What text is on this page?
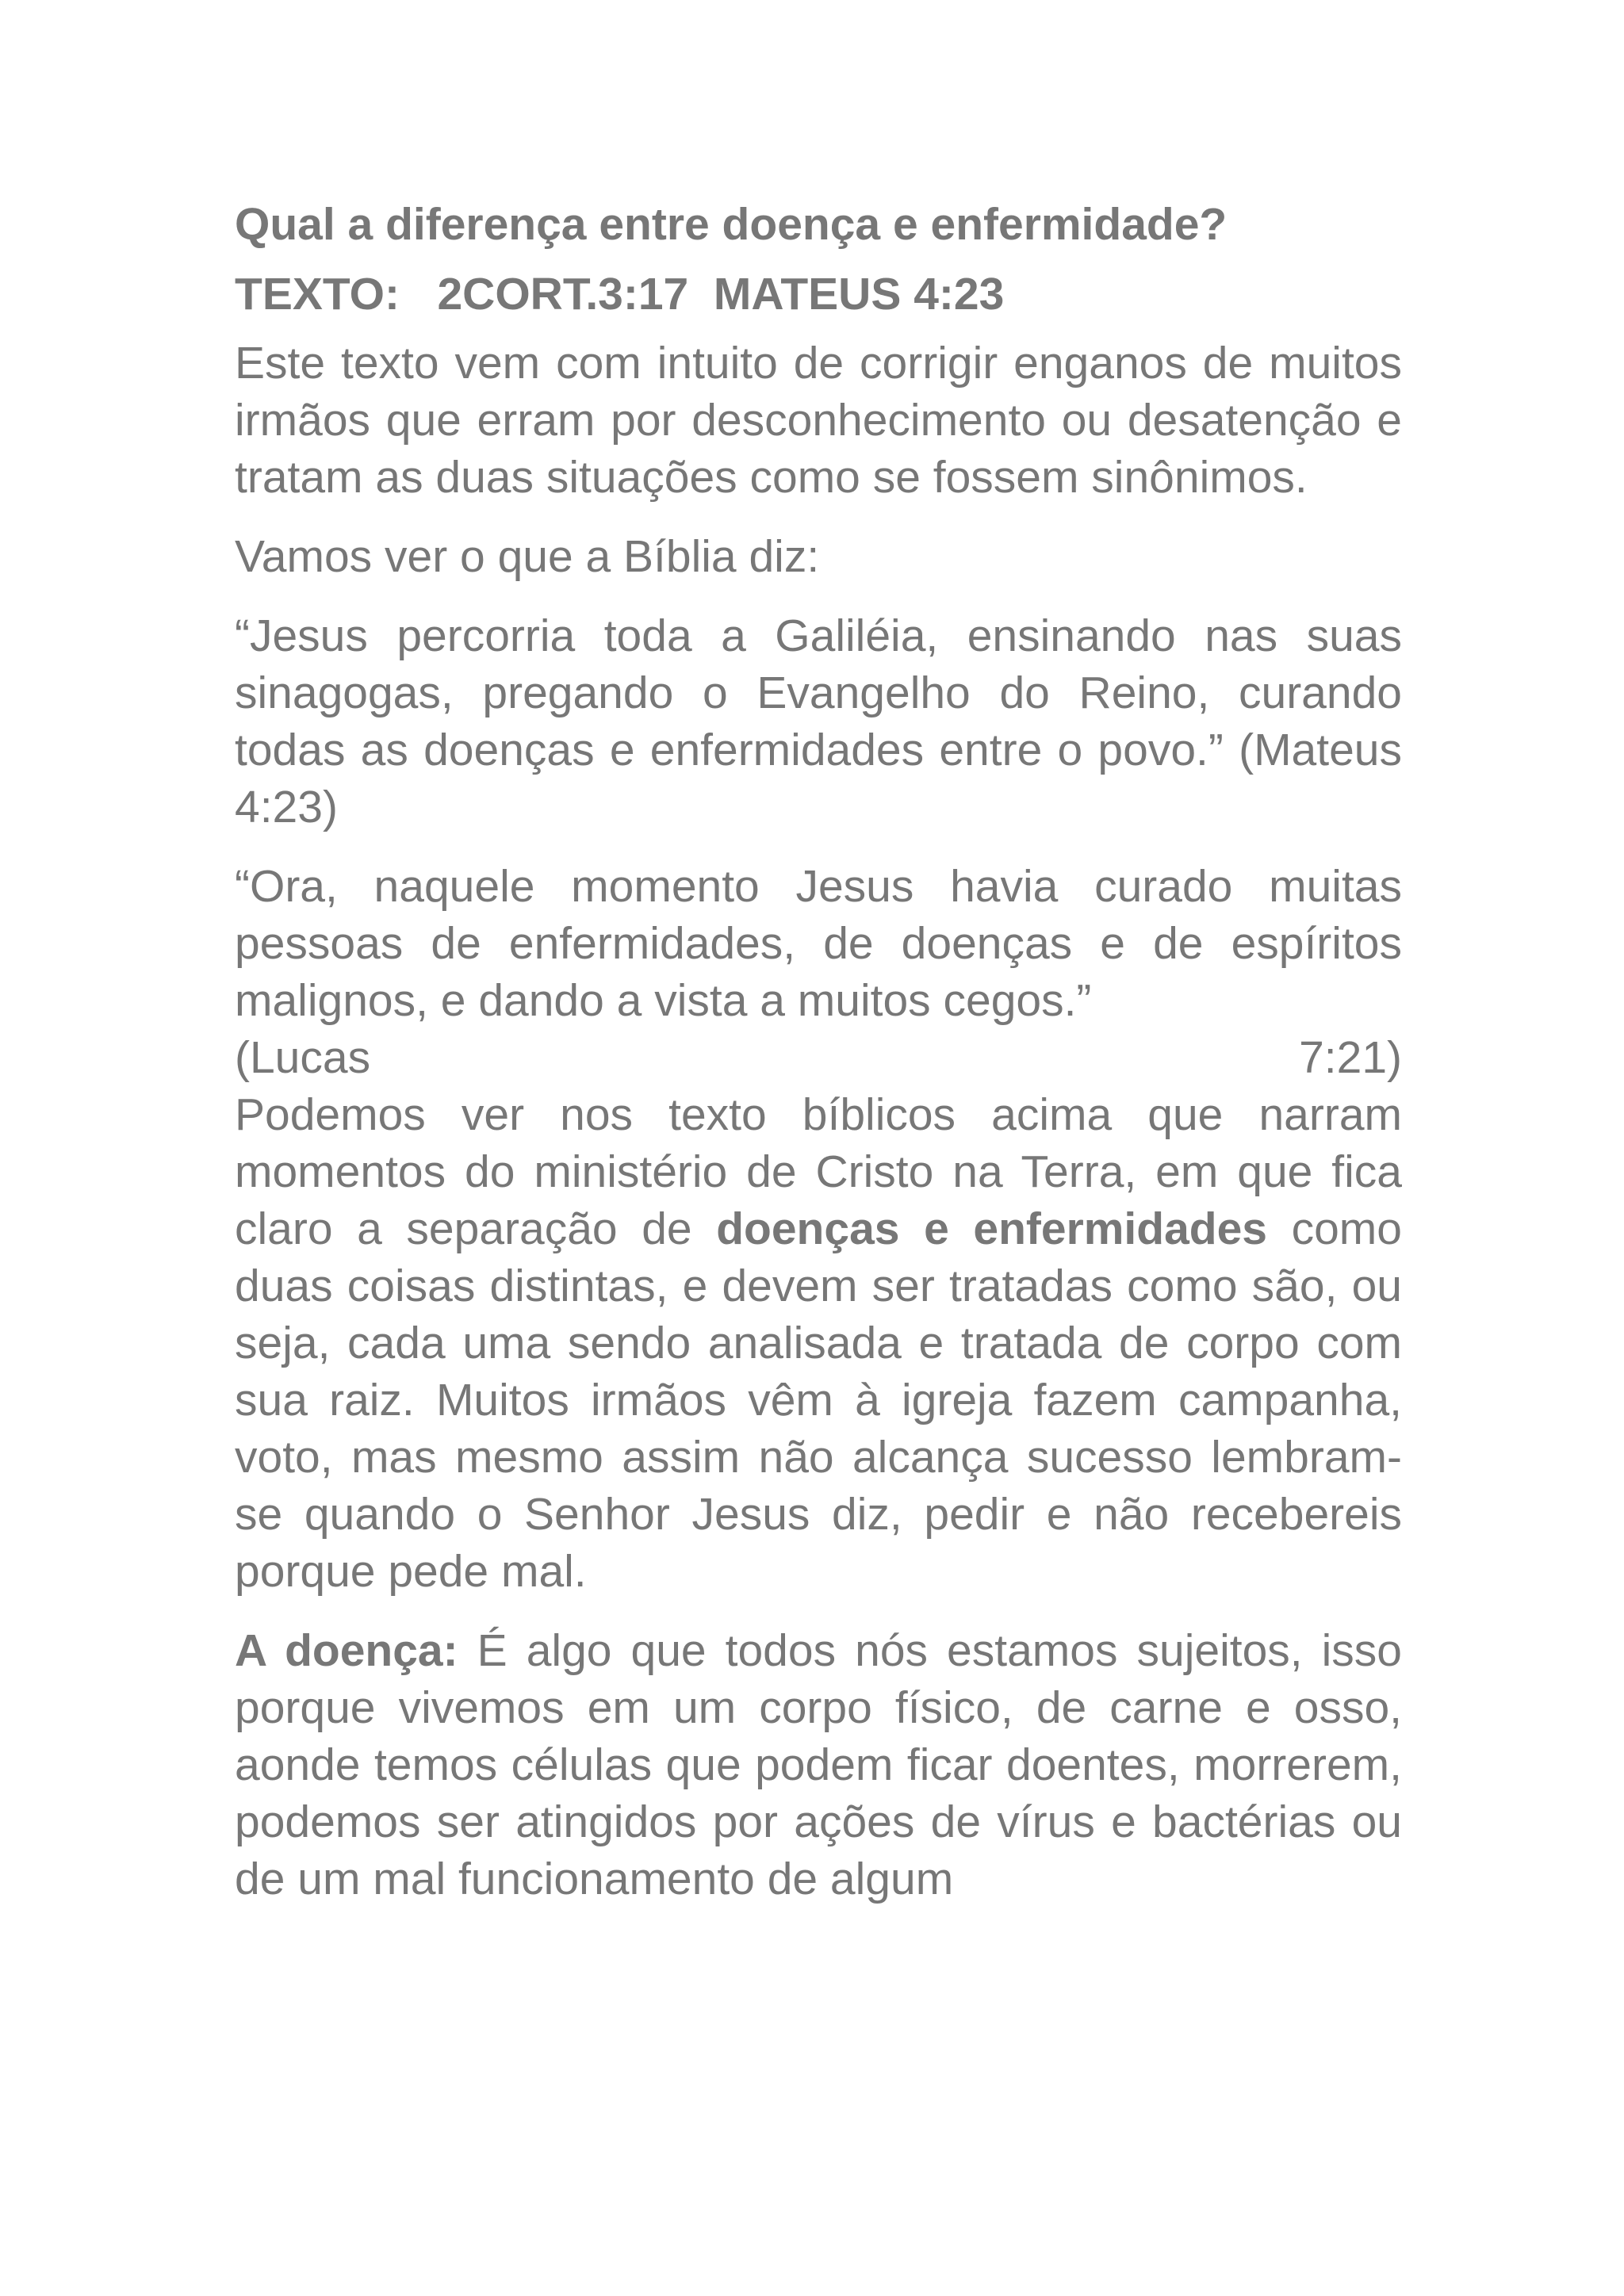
Qual a diferença entre doença e enfermidade?

TEXTO:   2CORT.3:17  MATEUS 4:23

Este texto vem com intuito de corrigir enganos de muitos irmãos que erram por desconhecimento ou desatenção e tratam as duas situações como se fossem sinônimos.

Vamos ver o que a Bíblia diz:

“Jesus percorria toda a Galiléia, ensinando nas suas sinagogas, pregando o Evangelho do Reino, curando todas as doenças e enfermidades entre o povo.” (Mateus 4:23)

“Ora, naquele momento Jesus havia curado muitas pessoas de enfermidades, de doenças e de espíritos malignos, e dando a vista a muitos cegos.”
(Lucas	7:21)

Podemos ver nos texto bíblicos acima que narram momentos do ministério de Cristo na Terra, em que fica claro a separação de doenças e enfermidades como duas coisas distintas, e devem ser tratadas como são, ou seja, cada uma sendo analisada e tratada de corpo com sua raiz. Muitos irmãos vêm à igreja fazem campanha, voto, mas mesmo assim não alcança sucesso lembram-se quando o Senhor Jesus diz, pedir e não recebereis porque pede mal.

A doença: É algo que todos nós estamos sujeitos, isso porque vivemos em um corpo físico, de carne e osso, aonde temos células que podem ficar doentes, morrerem, podemos ser atingidos por ações de vírus e bactérias ou de um mal funcionamento de algum
